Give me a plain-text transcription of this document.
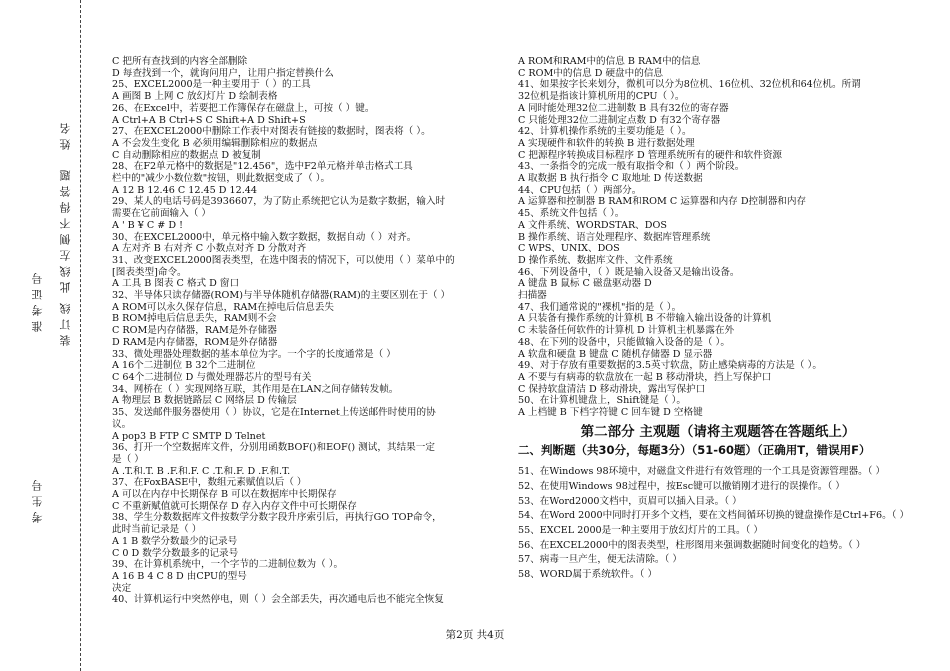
姓名
此线左侧不得答题
准考证号 装订线
考生号

C 把所有查找到的内容全部删除

D 每查找到一个，就询问用户，让用户指定替换什么

25、EXCEL2000是一种主要用于（ ）的工具

A 画图 B 上网 C 放幻灯片 D 绘制表格

26、在Excel中，若要把工作簿保存在磁盘上，可按（ ）键。

A Ctrl+A B Ctrl+S C Shift+A D Shift+S

27、在EXCEL2000中删除工作表中对图表有链接的数据时，图表将（ ）。

A 不会发生变化 B 必须用编辑删除相应的数据点

C 自动删除相应的数据点 D 被复制

28、在F2单元格中的数据是"12.456"，选中F2单元格并单击格式工具

栏中的"减少小数位数"按钮，则此数据变成了（ ）。

A 12 B 12.46 C 12.45 D 12.44

29、某人的电话号码是3936607，为了防止系统把它认为是数字数据，输入时

需要在它前面输入（ ）

A ' B ¥ C # D !

30、在EXCEL2000中，单元格中输入数字数据，数据自动（ ）对齐。

A 左对齐 B 右对齐 C 小数点对齐 D 分散对齐

31、改变EXCEL2000图表类型，在选中图表的情况下，可以使用（ ）菜单中的

[图表类型]命令。

A 工具 B 图表 C 格式 D 窗口

32、半导体只读存储器(ROM)与半导体随机存储器(RAM)的主要区别在于（ ）

A ROM可以永久保存信息，RAM在掉电后信息丢失

B ROM掉电后信息丢失，RAM则不会

C ROM是内存储器，RAM是外存储器

D RAM是内存储器，ROM是外存储器

33、微处理器处理数据的基本单位为字。一个字的长度通常是（ ）

A 16个二进制位 B 32个二进制位

C 64个二进制位 D 与微处理器芯片的型号有关

34、网桥在（ ）实现网络互联，其作用是在LAN之间存储转发帧。

A 物理层 B 数据链路层 C 网络层 D 传输层

35、发送邮件服务器使用（ ）协议，它是在Internet上传送邮件时使用的协

议。

A pop3 B FTP C SMTP D Telnet

36、打开一个空数据库文件，分别用函数BOF()和EOF() 测试，其结果一定

是（ ）

A .T.和.T. B .F.和.F. C .T.和.F. D .F.和.T.

37、在FoxBASE中，数组元素赋值以后（ ）

A 可以在内存中长期保存 B 可以在数据库中长期保存

C 不重新赋值就可长期保存 D 存入内存文件中可长期保存

38、学生分数数据库文件按数学分数字段升序索引后，再执行GO TOP命令，

此时当前记录是（ ）

A 1 B 数学分数最少的记录号

C 0 D 数学分数最多的记录号

39、在计算机系统中，一个字节的二进制位数为（ ）。

A 16 B 4 C 8 D 由CPU的型号

决定

40、计算机运行中突然停电，则（ ）会全部丢失，再次通电后也不能完全恢复

A ROM和RAM中的信息 B RAM中的信息

C ROM中的信息 D 硬盘中的信息

41、如果按字长来划分，微机可以分为8位机、16位机、32位机和64位机。所谓

32位机是指该计算机所用的CPU（ ）。

A 同时能处理32位二进制数 B 具有32位的寄存器

C 只能处理32位二进制定点数 D 有32个寄存器

42、计算机操作系统的主要功能是（ ）。

A 实现硬件和软件的转换 B 进行数据处理

C 把源程序转换成目标程序 D 管理系统所有的硬件和软件资源

43、一条指令的完成一般有取指令和（ ）两个阶段。

A 取数据 B 执行指令 C 取地址 D 传送数据

44、CPU包括（ ）两部分。

A 运算器和控制器 B RAM和ROM C 运算器和内存 D控制器和内存

45、系统文件包括（ ）。

A 文件系统、WORDSTAR、DOS

B 操作系统、语言处理程序、数据库管理系统

C WPS、UNIX、DOS

D 操作系统、数据库文件、文件系统

46、下列设备中，（ ）既是输入设备又是输出设备。

A 键盘 B 鼠标 C 磁盘驱动器 D

扫描器

47、我们通常说的"裸机"指的是（ ）。

A 只装备有操作系统的计算机 B 不带输入输出设备的计算机

C 未装备任何软件的计算机 D 计算机主机暴露在外

48、在下列的设备中，只能做输入设备的是（ ）。

A 软盘和硬盘 B 键盘 C 随机存储器 D 显示器

49、对于存放有重要数据的3.5英寸软盘，防止感染病毒的方法是（ ）。

A 不要与有病毒的软盘放在一起 B 移动滑块，挡上写保护口

C 保持软盘清洁 D 移动滑块，露出写保护口

50、在计算机键盘上，Shift键是（ ）。

A 上档键 B 下档字符键 C 回车键 D 空格键

第二部分 主观题（请将主观题答在答题纸上）

二、判断题（共30分，每题3分）（51-60题）（正确用T，错误用F）

51、在Windows 98环境中，对磁盘文件进行有效管理的一个工具是资源管理器。（ ）

52、在使用Windows 98过程中，按Esc键可以撤销刚才进行的误操作。（ ）

53、在Word2000文档中，页眉可以插入目录。（ ）

54、在Word 2000中同时打开多个文档，要在文档间循环切换的键盘操作是Ctrl+F6。（ ）

55、EXCEL 2000是一种主要用于放幻灯片的工具。（ ）

56、在EXCEL2000中的图表类型，柱形图用来强调数据随时间变化的趋势。（ ）

57、病毒一旦产生，便无法清除。（ ）

58、WORD属于系统软件。（ ）

第2页 共4页
